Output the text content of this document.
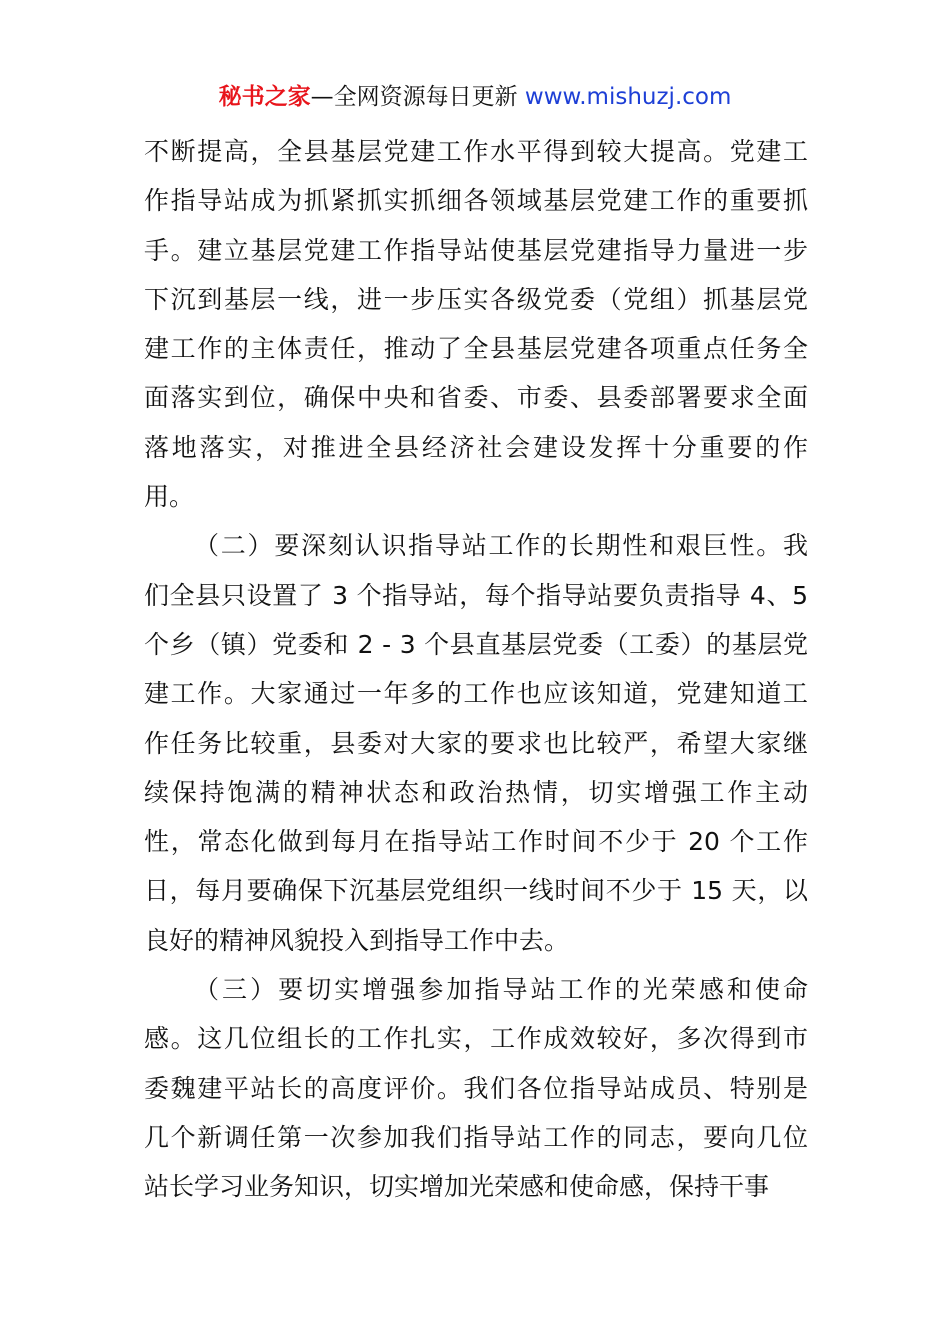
秘书之家—全网资源每日更新 www.mishuzj.com
不断提高，全县基层党建工作水平得到较大提高。党建工
作指导站成为抓紧抓实抓细各领域基层党建工作的重要抓
手。建立基层党建工作指导站使基层党建指导力量进一步
下沉到基层一线，进一步压实各级党委（党组）抓基层党
建工作的主体责任，推动了全县基层党建各项重点任务全
面落实到位，确保中央和省委、市委、县委部署要求全面
落地落实，对推进全县经济社会建设发挥十分重要的作
用。
（二）要深刻认识指导站工作的长期性和艰巨性。我
们全县只设置了 3 个指导站，每个指导站要负责指导 4、5
个乡（镇）党委和 2 - 3 个县直基层党委（工委）的基层党
建工作。大家通过一年多的工作也应该知道，党建知道工
作任务比较重，县委对大家的要求也比较严，希望大家继
续保持饱满的精神状态和政治热情，切实增强工作主动
性，常态化做到每月在指导站工作时间不少于 20 个工作
日，每月要确保下沉基层党组织一线时间不少于 15 天，以
良好的精神风貌投入到指导工作中去。
（三）要切实增强参加指导站工作的光荣感和使命
感。这几位组长的工作扎实，工作成效较好，多次得到市
委魏建平站长的高度评价。我们各位指导站成员、特别是
几个新调任第一次参加我们指导站工作的同志，要向几位
站长学习业务知识，切实增加光荣感和使命感，保持干事
